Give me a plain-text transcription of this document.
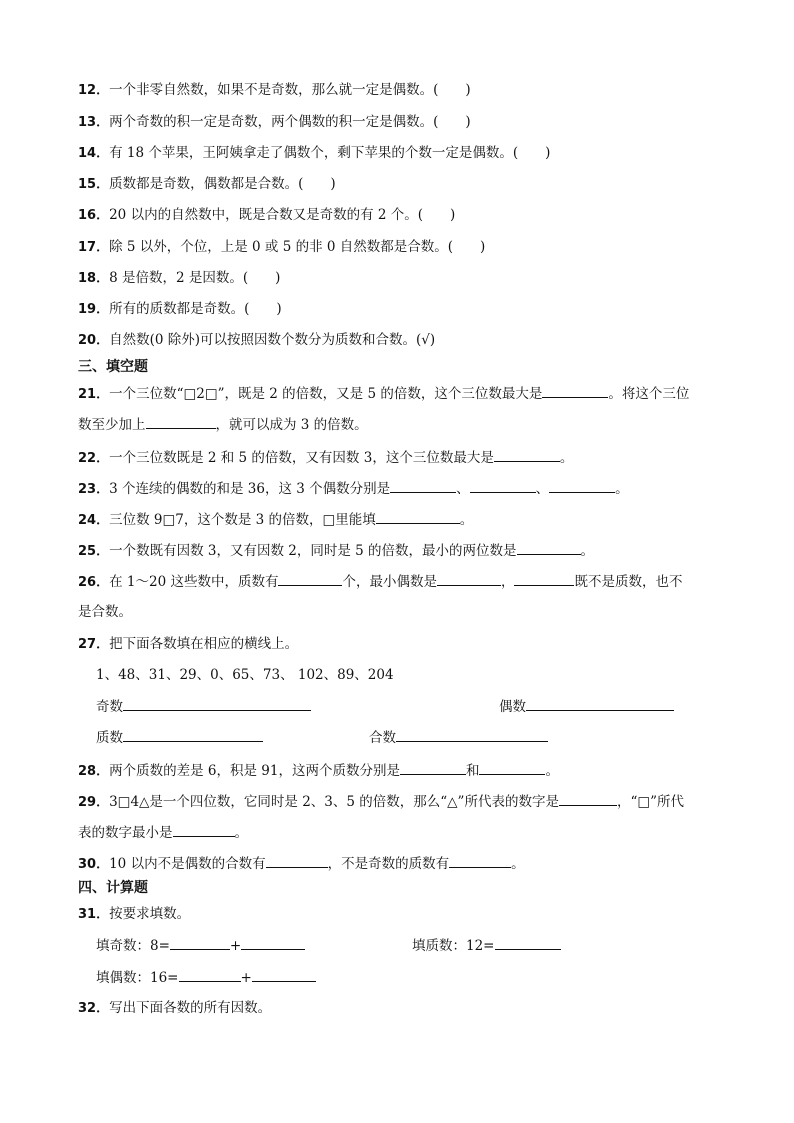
12．一个非零自然数，如果不是奇数，那么就一定是偶数。(　　)
13．两个奇数的积一定是奇数，两个偶数的积一定是偶数。(　　)
14．有 18 个苹果，王阿姨拿走了偶数个，剩下苹果的个数一定是偶数。(　　)
15．质数都是奇数，偶数都是合数。(　　)
16．20 以内的自然数中，既是合数又是奇数的有 2 个。(　　)
17．除 5 以外，个位，上是 0 或 5 的非 0 自然数都是合数。(　　)
18．8 是倍数，2 是因数。(　　)
19．所有的质数都是奇数。(　　)
20．自然数(0 除外)可以按照因数个数分为质数和合数。(√)
三、填空题
21．一个三位数“□2□”，既是 2 的倍数，又是 5 的倍数，这个三位数最大是	。将这个三位
数至少加上	，就可以成为 3 的倍数。
22．一个三位数既是 2 和 5 的倍数，又有因数 3，这个三位数最大是	。
23．3 个连续的偶数的和是 36，这 3 个偶数分别是	、	、	。
24．三位数 9□7，这个数是 3 的倍数，□里能填	。
25．一个数既有因数 3，又有因数 2，同时是 5 的倍数，最小的两位数是	。
26．在 1～20 这些数中，质数有	个，最小偶数是	，	既不是质数，也不
是合数。
27．把下面各数填在相应的横线上。
1、48、31、29、0、65、73、 102、89、204
奇数	偶数
质数	合数
28．两个质数的差是 6，积是 91，这两个质数分别是	和	。
29．3□4△是一个四位数，它同时是 2、3、5 的倍数，那么“△”所代表的数字是	，“□”所代
表的数字最小是	。
30．10 以内不是偶数的合数有	，不是奇数的质数有	。
四、计算题
31．按要求填数。
填奇数：8=	+	填质数：12=
填偶数：16=	+
32．写出下面各数的所有因数。
